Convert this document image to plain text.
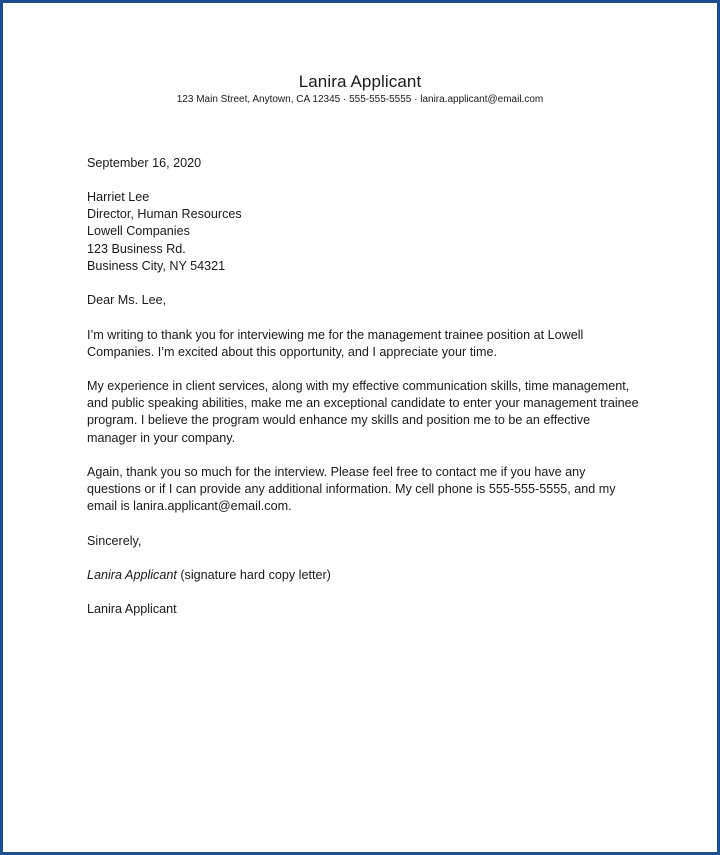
Lanira Applicant
123 Main Street, Anytown, CA 12345 · 555-555-5555 · lanira.applicant@email.com
September 16, 2020
Harriet Lee
Director, Human Resources
Lowell Companies
123 Business Rd.
Business City, NY 54321
Dear Ms. Lee,
I’m writing to thank you for interviewing me for the management trainee position at Lowell Companies. I’m excited about this opportunity, and I appreciate your time.
My experience in client services, along with my effective communication skills, time management, and public speaking abilities, make me an exceptional candidate to enter your management trainee program. I believe the program would enhance my skills and position me to be an effective manager in your company.
Again, thank you so much for the interview. Please feel free to contact me if you have any questions or if I can provide any additional information. My cell phone is 555-555-5555, and my email is lanira.applicant@email.com.
Sincerely,
Lanira Applicant (signature hard copy letter)
Lanira Applicant
